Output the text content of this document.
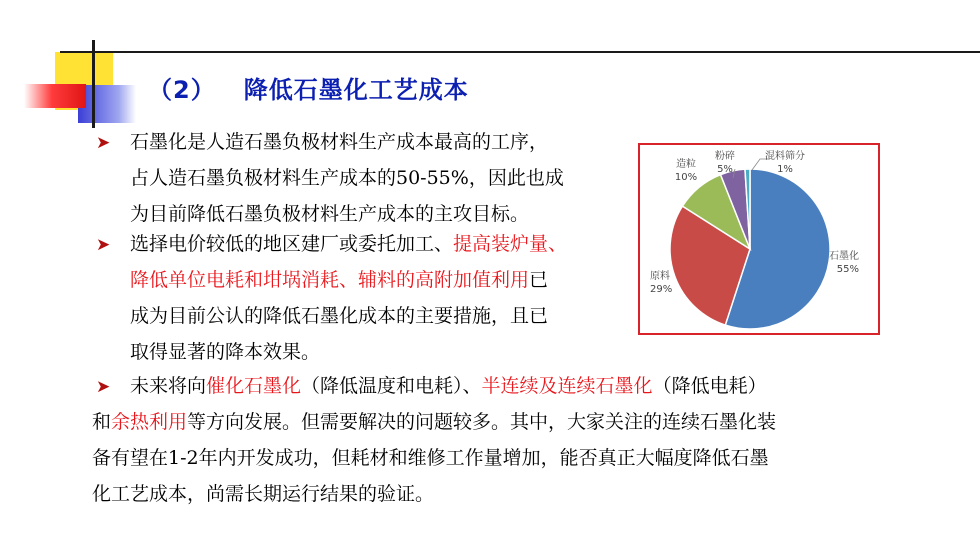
（2） 降低石墨化工艺成本
➤ 石墨化是人造石墨负极材料生产成本最高的工序，
占人造石墨负极材料生产成本的50-55%，因此也成
为目前降低石墨负极材料生产成本的主攻目标。
➤ 选择电价较低的地区建厂或委托加工、提高装炉量、
降低单位电耗和坩埚消耗、辅料的高附加值利用已
成为目前公认的降低石墨化成本的主要措施，且已
取得显著的降本效果。
➤	未来将向催化石墨化（降低温度和电耗）、半连续及连续石墨化（降低电耗）
和余热利用等方向发展。但需要解决的问题较多。其中，大家关注的连续石墨化装
备有望在1-2年内开发成功，但耗材和维修工作量增加，能否真正大幅度降低石墨
化工艺成本，尚需长期运行结果的验证。
石墨化
55%
原料
29%
造粒
10%
粉碎
5%
混料筛分
1%
